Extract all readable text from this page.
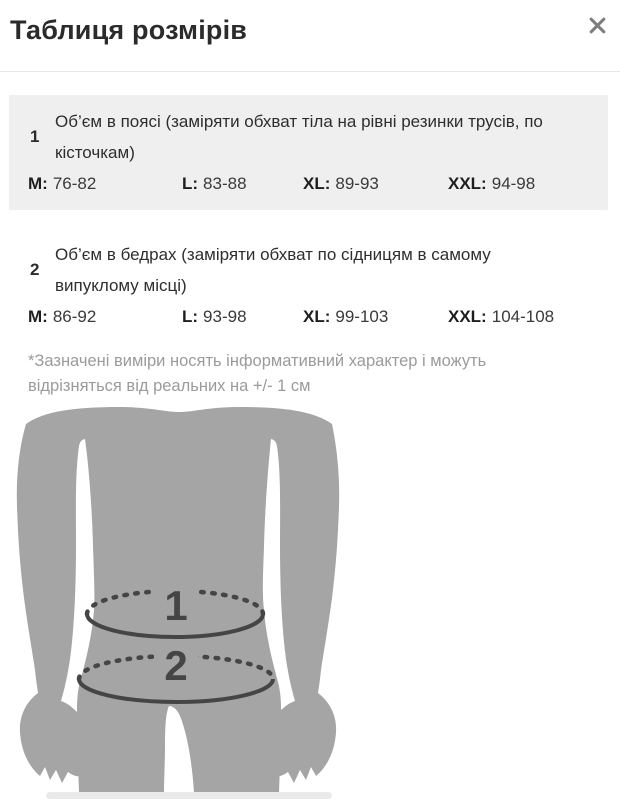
Таблиця розмірів
1
Об’єм в поясі (заміряти обхват тіла на рівні резинки трусів, по
кісточкам)
M: 76-82	L: 83-88	XL: 89-93	XXL: 94-98
2
Об’єм в бедрах (заміряти обхват по сідницям в самому
випуклому місці)
M: 86-92	L: 93-98	XL: 99-103	XXL: 104-108
*Зазначені виміри носять інформативний характер і можуть
відрізняться від реальних на +/- 1 см
1
2
